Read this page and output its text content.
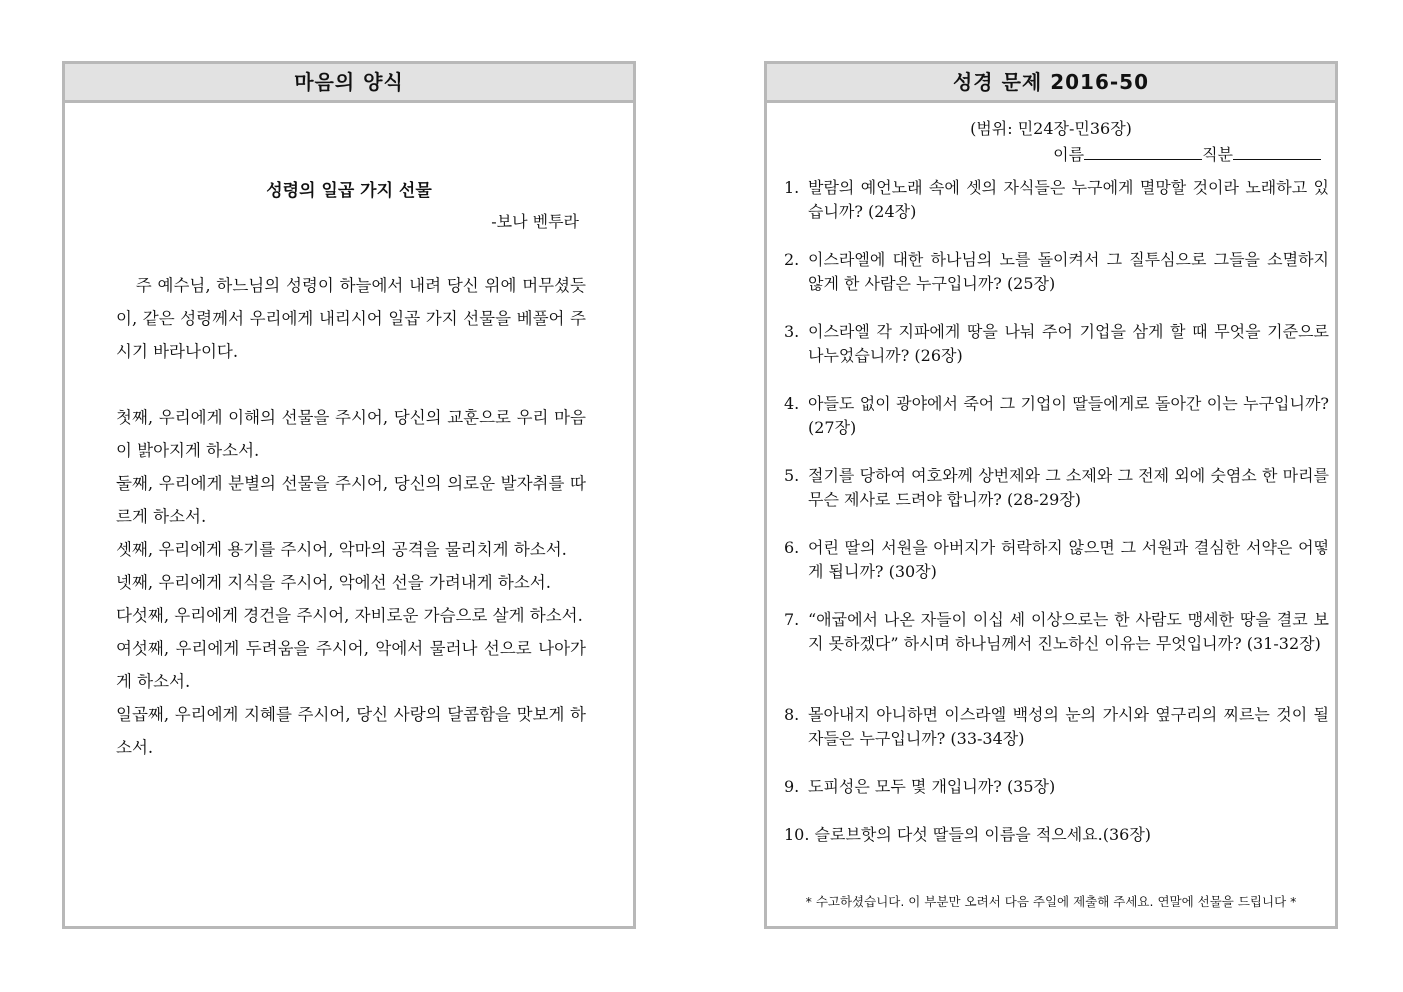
마음의 양식
성령의 일곱 가지 선물
-보나 벤투라

주 예수님, 하느님의 성령이 하늘에서 내려 당신 위에 머무셨듯이, 같은 성령께서 우리에게 내리시어 일곱 가지 선물을 베풀어 주시기 바라나이다.

첫째, 우리에게 이해의 선물을 주시어, 당신의 교훈으로 우리 마음이 밝아지게 하소서.

둘째, 우리에게 분별의 선물을 주시어, 당신의 의로운 발자취를 따르게 하소서.

셋째, 우리에게 용기를 주시어, 악마의 공격을 물리치게 하소서.

넷째, 우리에게 지식을 주시어, 악에선 선을 가려내게 하소서.

다섯째, 우리에게 경건을 주시어, 자비로운 가슴으로 살게 하소서.

여섯째, 우리에게 두려움을 주시어, 악에서 물러나 선으로 나아가게 하소서.

일곱째, 우리에게 지혜를 주시어, 당신 사랑의 달콤함을 맛보게 하소서.

성경 문제 2016-50
(범위: 민24장-민36장)
이름	직분
1. 발람의 예언노래 속에 셋의 자식들은 누구에게 멸망할 것이라 노래하고 있습니까? (24장)
2. 이스라엘에 대한 하나님의 노를 돌이켜서 그 질투심으로 그들을 소멸하지 않게 한 사람은 누구입니까? (25장)
3. 이스라엘 각 지파에게 땅을 나눠 주어 기업을 삼게 할 때 무엇을 기준으로 나누었습니까? (26장)
4. 아들도 없이 광야에서 죽어 그 기업이 딸들에게로 돌아간 이는 누구입니까? (27장)
5. 절기를 당하여 여호와께 상번제와 그 소제와 그 전제 외에 숫염소 한 마리를 무슨 제사로 드려야 합니까? (28-29장)
6. 어린 딸의 서원을 아버지가 허락하지 않으면 그 서원과 결심한 서약은 어떻게 됩니까? (30장)
7. “애굽에서 나온 자들이 이십 세 이상으로는 한 사람도 맹세한 땅을 결코 보지 못하겠다” 하시며 하나님께서 진노하신 이유는 무엇입니까? (31-32장)
8. 몰아내지 아니하면 이스라엘 백성의 눈의 가시와 옆구리의 찌르는 것이 될 자들은 누구입니까? (33-34장)
9. 도피성은 모두 몇 개입니까? (35장)
10. 슬로브핫의 다섯 딸들의 이름을 적으세요.(36장)
* 수고하셨습니다. 이 부분만 오려서 다음 주일에 제출해 주세요. 연말에 선물을 드립니다 *
